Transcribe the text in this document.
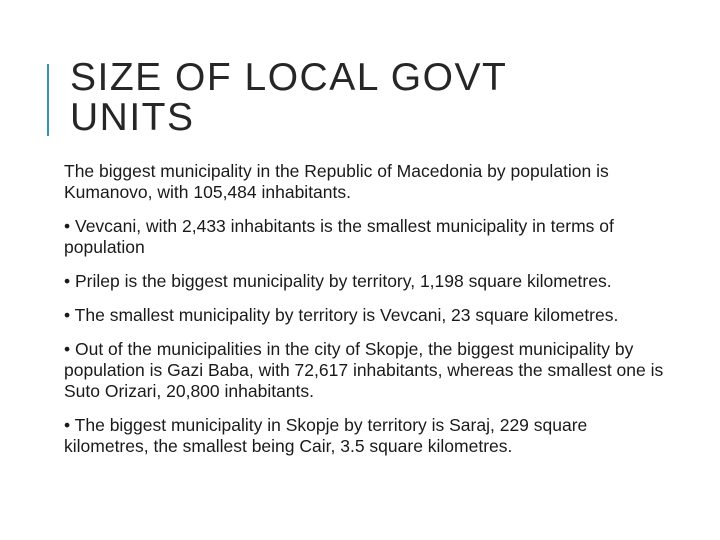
SIZE OF LOCAL GOVT
UNITS

The biggest municipality in the Republic of Macedonia by population is Kumanovo, with 105,484 inhabitants.

• Vevcani, with 2,433 inhabitants is the smallest municipality in terms of population

• Prilep is the biggest municipality by territory, 1,198 square kilometres.

• The smallest municipality by territory is Vevcani, 23 square kilometres.

• Out of the municipalities in the city of Skopje, the biggest municipality by population is Gazi Baba, with 72,617 inhabitants, whereas the smallest one is Suto Orizari, 20,800 inhabitants.

• The biggest municipality in Skopje by territory is Saraj, 229 square kilometres, the smallest being Cair, 3.5 square kilometres.
